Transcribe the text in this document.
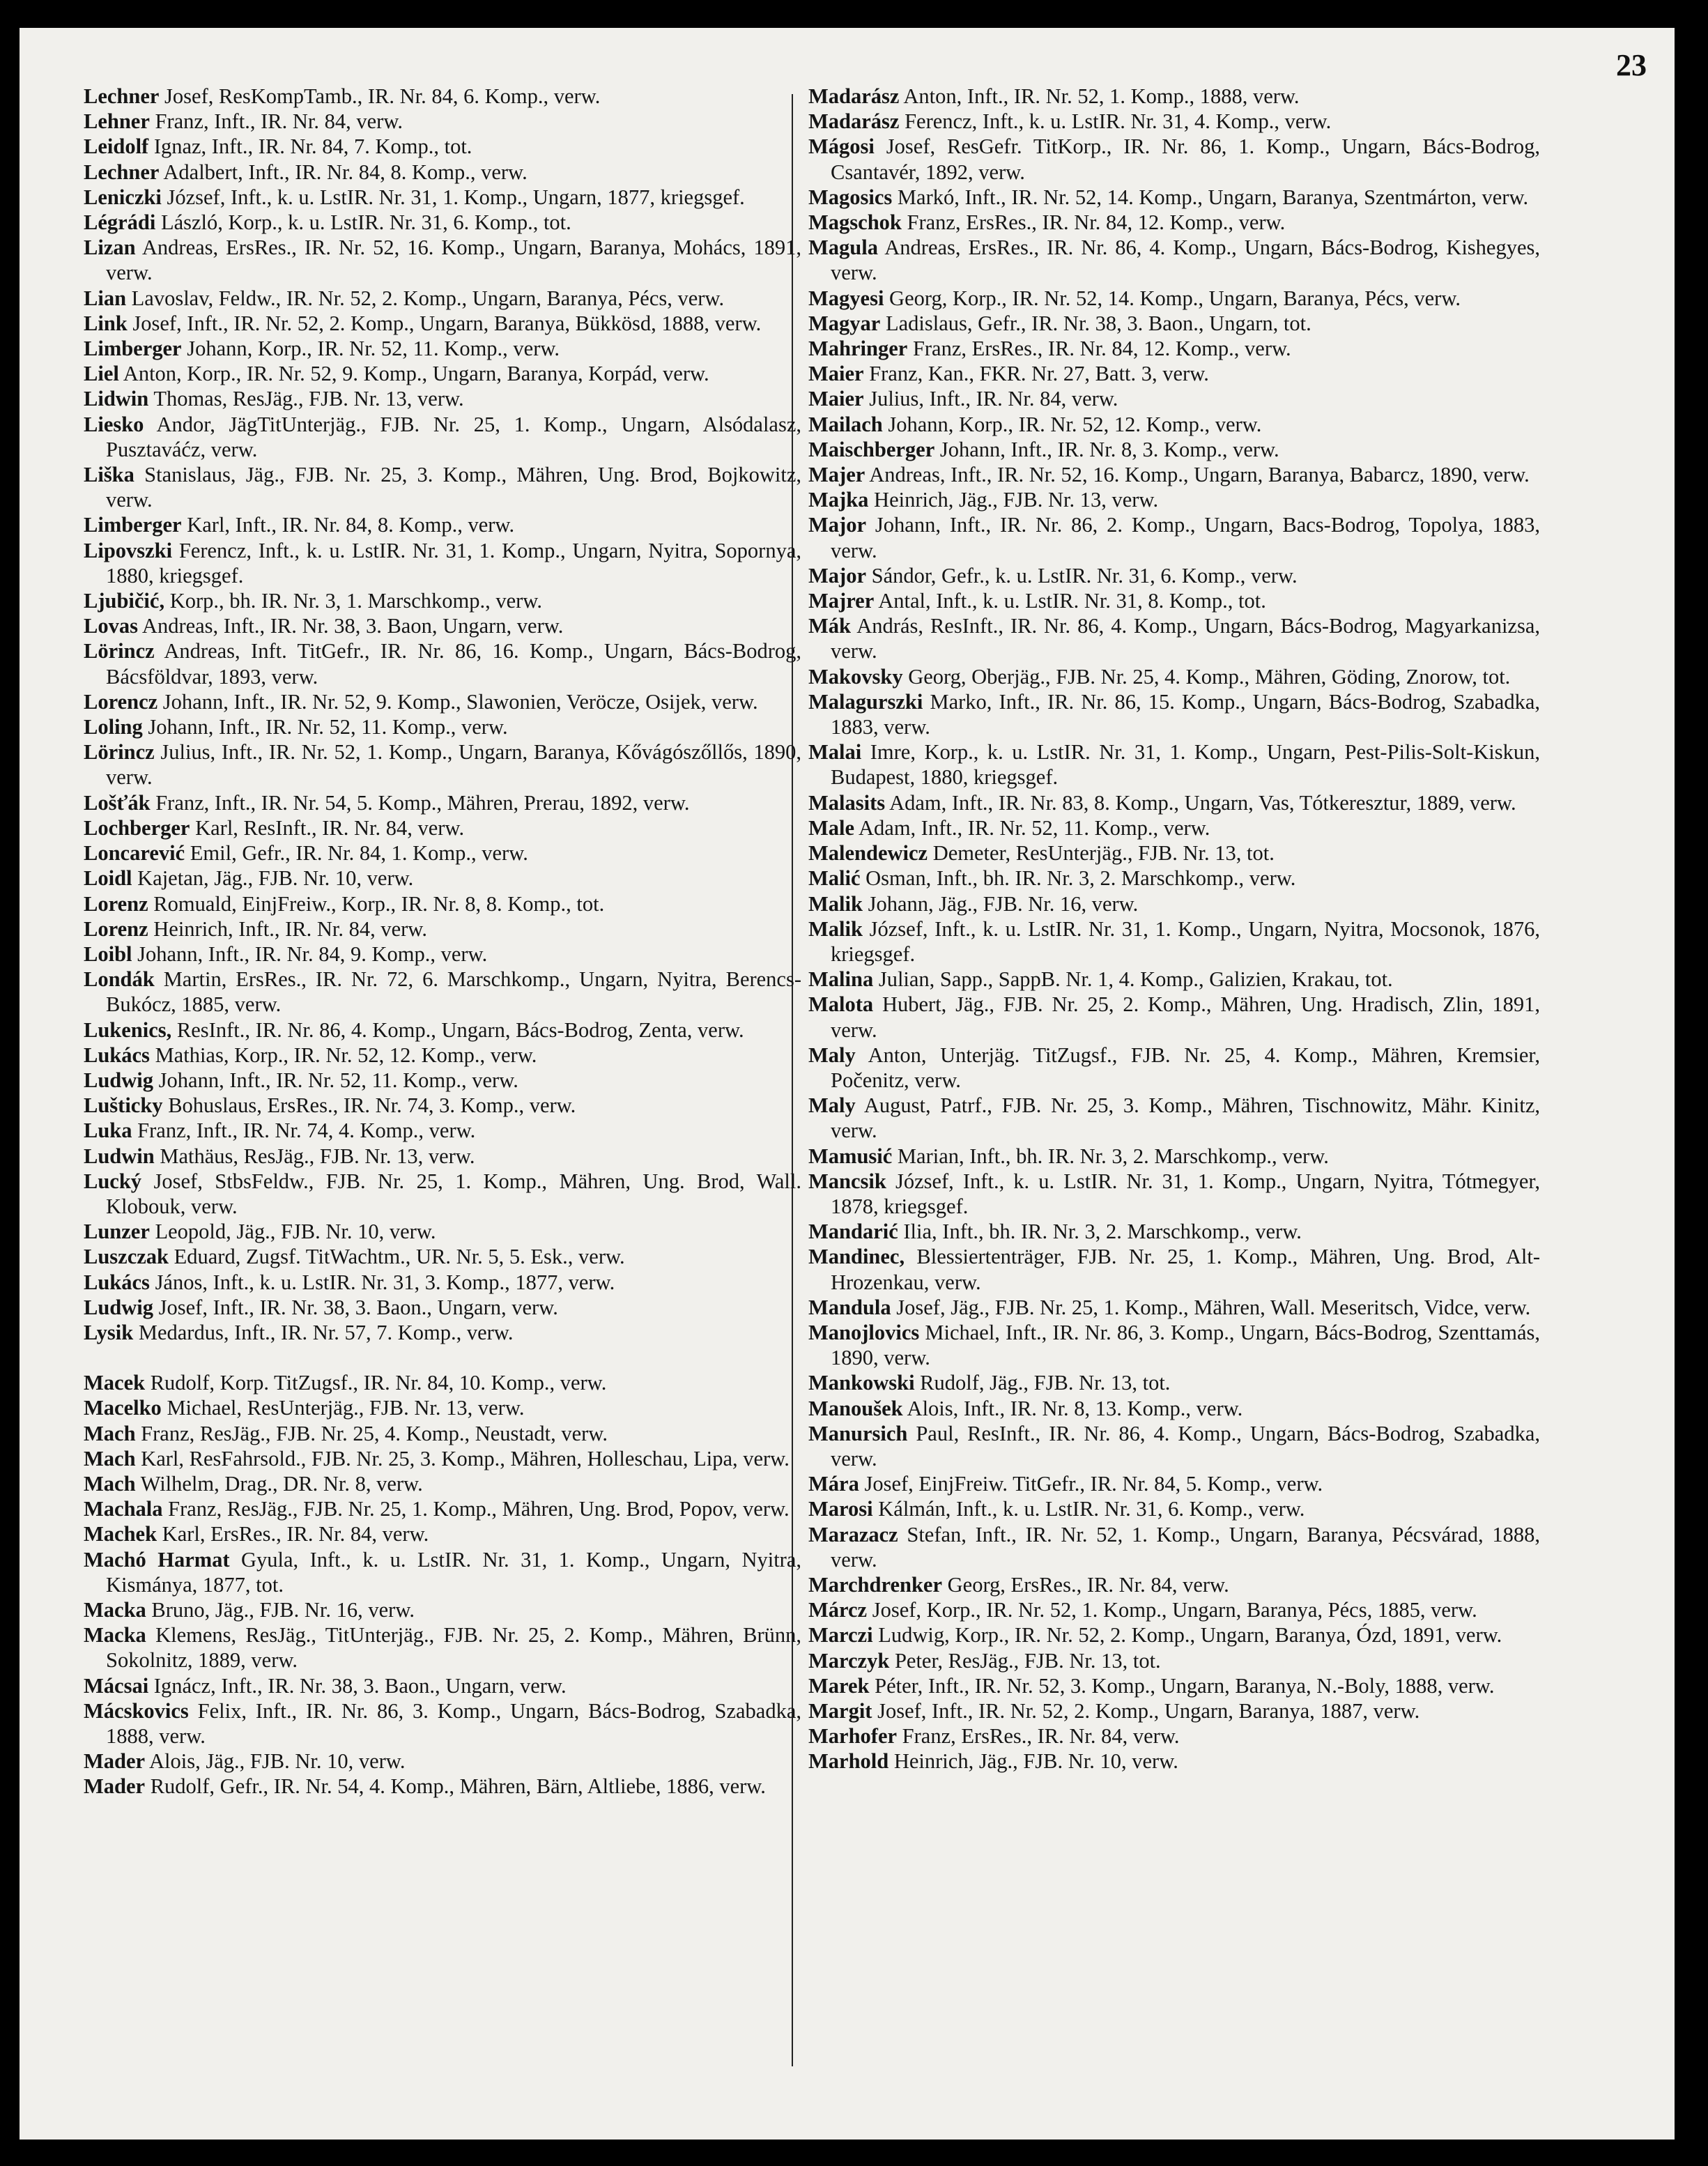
23

Lechner Josef, ResKompTamb., IR. Nr. 84, 6. Komp., verw.

Lehner Franz, Inft., IR. Nr. 84, verw.

Leidolf Ignaz, Inft., IR. Nr. 84, 7. Komp., tot.

Lechner Adalbert, Inft., IR. Nr. 84, 8. Komp., verw.

Leniczki József, Inft., k. u. LstIR. Nr. 31, 1. Komp., Ungarn, 1877, kriegsgef.

Légrádi László, Korp., k. u. LstIR. Nr. 31, 6. Komp., tot.

Lizan Andreas, ErsRes., IR. Nr. 52, 16. Komp., Ungarn, Baranya, Mohács, 1891, verw.

Lian Lavoslav, Feldw., IR. Nr. 52, 2. Komp., Ungarn, Baranya, Pécs, verw.

Link Josef, Inft., IR. Nr. 52, 2. Komp., Ungarn, Baranya, Bükkösd, 1888, verw.

Limberger Johann, Korp., IR. Nr. 52, 11. Komp., verw.

Liel Anton, Korp., IR. Nr. 52, 9. Komp., Ungarn, Baranya, Korpád, verw.

Lidwin Thomas, ResJäg., FJB. Nr. 13, verw.

Liesko Andor, JägTitUnterjäg., FJB. Nr. 25, 1. Komp., Ungarn, Alsódalasz, Pusztaváćz, verw.

Liška Stanislaus, Jäg., FJB. Nr. 25, 3. Komp., Mähren, Ung. Brod, Bojkowitz, verw.

Limberger Karl, Inft., IR. Nr. 84, 8. Komp., verw.

Lipovszki Ferencz, Inft., k. u. LstIR. Nr. 31, 1. Komp., Ungarn, Nyitra, Sopornya, 1880, kriegsgef.

Ljubičić, Korp., bh. IR. Nr. 3, 1. Marschkomp., verw.

Lovas Andreas, Inft., IR. Nr. 38, 3. Baon, Ungarn, verw.

Lörincz Andreas, Inft. TitGefr., IR. Nr. 86, 16. Komp., Ungarn, Bács-Bodrog, Bácsföldvar, 1893, verw.

Lorencz Johann, Inft., IR. Nr. 52, 9. Komp., Slawonien, Veröcze, Osijek, verw.

Loling Johann, Inft., IR. Nr. 52, 11. Komp., verw.

Lörincz Julius, Inft., IR. Nr. 52, 1. Komp., Ungarn, Baranya, Kővágószőllős, 1890, verw.

Lošťák Franz, Inft., IR. Nr. 54, 5. Komp., Mähren, Prerau, 1892, verw.

Lochberger Karl, ResInft., IR. Nr. 84, verw.

Loncarević Emil, Gefr., IR. Nr. 84, 1. Komp., verw.

Loidl Kajetan, Jäg., FJB. Nr. 10, verw.

Lorenz Romuald, EinjFreiw., Korp., IR. Nr. 8, 8. Komp., tot.

Lorenz Heinrich, Inft., IR. Nr. 84, verw.

Loibl Johann, Inft., IR. Nr. 84, 9. Komp., verw.

Londák Martin, ErsRes., IR. Nr. 72, 6. Marschkomp., Ungarn, Nyitra, Berencs-Bukócz, 1885, verw.

Lukenics, ResInft., IR. Nr. 86, 4. Komp., Ungarn, Bács-Bodrog, Zenta, verw.

Lukács Mathias, Korp., IR. Nr. 52, 12. Komp., verw.

Ludwig Johann, Inft., IR. Nr. 52, 11. Komp., verw.

Lušticky Bohuslaus, ErsRes., IR. Nr. 74, 3. Komp., verw.

Luka Franz, Inft., IR. Nr. 74, 4. Komp., verw.

Ludwin Mathäus, ResJäg., FJB. Nr. 13, verw.

Lucký Josef, StbsFeldw., FJB. Nr. 25, 1. Komp., Mähren, Ung. Brod, Wall. Klobouk, verw.

Lunzer Leopold, Jäg., FJB. Nr. 10, verw.

Luszczak Eduard, Zugsf. TitWachtm., UR. Nr. 5, 5. Esk., verw.

Lukács János, Inft., k. u. LstIR. Nr. 31, 3. Komp., 1877, verw.

Ludwig Josef, Inft., IR. Nr. 38, 3. Baon., Ungarn, verw.

Lysik Medardus, Inft., IR. Nr. 57, 7. Komp., verw.

Macek Rudolf, Korp. TitZugsf., IR. Nr. 84, 10. Komp., verw.

Macelko Michael, ResUnterjäg., FJB. Nr. 13, verw.

Mach Franz, ResJäg., FJB. Nr. 25, 4. Komp., Neustadt, verw.

Mach Karl, ResFahrsold., FJB. Nr. 25, 3. Komp., Mähren, Holleschau, Lipa, verw.

Mach Wilhelm, Drag., DR. Nr. 8, verw.

Machala Franz, ResJäg., FJB. Nr. 25, 1. Komp., Mähren, Ung. Brod, Popov, verw.

Machek Karl, ErsRes., IR. Nr. 84, verw.

Machó Harmat Gyula, Inft., k. u. LstIR. Nr. 31, 1. Komp., Ungarn, Nyitra, Kismánya, 1877, tot.

Macka Bruno, Jäg., FJB. Nr. 16, verw.

Macka Klemens, ResJäg., TitUnterjäg., FJB. Nr. 25, 2. Komp., Mähren, Brünn, Sokolnitz, 1889, verw.

Mácsai Ignácz, Inft., IR. Nr. 38, 3. Baon., Ungarn, verw.

Mácskovics Felix, Inft., IR. Nr. 86, 3. Komp., Ungarn, Bács-Bodrog, Szabadka, 1888, verw.

Mader Alois, Jäg., FJB. Nr. 10, verw.

Mader Rudolf, Gefr., IR. Nr. 54, 4. Komp., Mähren, Bärn, Altliebe, 1886, verw.

Madarász Anton, Inft., IR. Nr. 52, 1. Komp., 1888, verw.

Madarász Ferencz, Inft., k. u. LstIR. Nr. 31, 4. Komp., verw.

Mágosi Josef, ResGefr. TitKorp., IR. Nr. 86, 1. Komp., Ungarn, Bács-Bodrog, Csantavér, 1892, verw.

Magosics Markó, Inft., IR. Nr. 52, 14. Komp., Ungarn, Baranya, Szentmárton, verw.

Magschok Franz, ErsRes., IR. Nr. 84, 12. Komp., verw.

Magula Andreas, ErsRes., IR. Nr. 86, 4. Komp., Ungarn, Bács-Bodrog, Kishegyes, verw.

Magyesi Georg, Korp., IR. Nr. 52, 14. Komp., Ungarn, Baranya, Pécs, verw.

Magyar Ladislaus, Gefr., IR. Nr. 38, 3. Baon., Ungarn, tot.

Mahringer Franz, ErsRes., IR. Nr. 84, 12. Komp., verw.

Maier Franz, Kan., FKR. Nr. 27, Batt. 3, verw.

Maier Julius, Inft., IR. Nr. 84, verw.

Mailach Johann, Korp., IR. Nr. 52, 12. Komp., verw.

Maischberger Johann, Inft., IR. Nr. 8, 3. Komp., verw.

Majer Andreas, Inft., IR. Nr. 52, 16. Komp., Ungarn, Baranya, Babarcz, 1890, verw.

Majka Heinrich, Jäg., FJB. Nr. 13, verw.

Major Johann, Inft., IR. Nr. 86, 2. Komp., Ungarn, Bacs-Bodrog, Topolya, 1883, verw.

Major Sándor, Gefr., k. u. LstIR. Nr. 31, 6. Komp., verw.

Majrer Antal, Inft., k. u. LstIR. Nr. 31, 8. Komp., tot.

Mák András, ResInft., IR. Nr. 86, 4. Komp., Ungarn, Bács-Bodrog, Magyarkanizsa, verw.

Makovsky Georg, Oberjäg., FJB. Nr. 25, 4. Komp., Mähren, Göding, Znorow, tot.

Malagurszki Marko, Inft., IR. Nr. 86, 15. Komp., Ungarn, Bács-Bodrog, Szabadka, 1883, verw.

Malai Imre, Korp., k. u. LstIR. Nr. 31, 1. Komp., Ungarn, Pest-Pilis-Solt-Kiskun, Budapest, 1880, kriegsgef.

Malasits Adam, Inft., IR. Nr. 83, 8. Komp., Ungarn, Vas, Tótkeresztur, 1889, verw.

Male Adam, Inft., IR. Nr. 52, 11. Komp., verw.

Malendewicz Demeter, ResUnterjäg., FJB. Nr. 13, tot.

Malić Osman, Inft., bh. IR. Nr. 3, 2. Marschkomp., verw.

Malik Johann, Jäg., FJB. Nr. 16, verw.

Malik József, Inft., k. u. LstIR. Nr. 31, 1. Komp., Ungarn, Nyitra, Mocsonok, 1876, kriegsgef.

Malina Julian, Sapp., SappB. Nr. 1, 4. Komp., Galizien, Krakau, tot.

Malota Hubert, Jäg., FJB. Nr. 25, 2. Komp., Mähren, Ung. Hradisch, Zlin, 1891, verw.

Maly Anton, Unterjäg. TitZugsf., FJB. Nr. 25, 4. Komp., Mähren, Kremsier, Počenitz, verw.

Maly August, Patrf., FJB. Nr. 25, 3. Komp., Mähren, Tischnowitz, Mähr. Kinitz, verw.

Mamusić Marian, Inft., bh. IR. Nr. 3, 2. Marschkomp., verw.

Mancsik József, Inft., k. u. LstIR. Nr. 31, 1. Komp., Ungarn, Nyitra, Tótmegyer, 1878, kriegsgef.

Mandarić Ilia, Inft., bh. IR. Nr. 3, 2. Marschkomp., verw.

Mandinec, Blessiertenträger, FJB. Nr. 25, 1. Komp., Mähren, Ung. Brod, Alt-Hrozenkau, verw.

Mandula Josef, Jäg., FJB. Nr. 25, 1. Komp., Mähren, Wall. Meseritsch, Vidce, verw.

Manojlovics Michael, Inft., IR. Nr. 86, 3. Komp., Ungarn, Bács-Bodrog, Szenttamás, 1890, verw.

Mankowski Rudolf, Jäg., FJB. Nr. 13, tot.

Manoušek Alois, Inft., IR. Nr. 8, 13. Komp., verw.

Manursich Paul, ResInft., IR. Nr. 86, 4. Komp., Ungarn, Bács-Bodrog, Szabadka, verw.

Mára Josef, EinjFreiw. TitGefr., IR. Nr. 84, 5. Komp., verw.

Marosi Kálmán, Inft., k. u. LstIR. Nr. 31, 6. Komp., verw.

Marazacz Stefan, Inft., IR. Nr. 52, 1. Komp., Ungarn, Baranya, Pécsvárad, 1888, verw.

Marchdrenker Georg, ErsRes., IR. Nr. 84, verw.

Márcz Josef, Korp., IR. Nr. 52, 1. Komp., Ungarn, Baranya, Pécs, 1885, verw.

Marczi Ludwig, Korp., IR. Nr. 52, 2. Komp., Ungarn, Baranya, Ózd, 1891, verw.

Marczyk Peter, ResJäg., FJB. Nr. 13, tot.

Marek Péter, Inft., IR. Nr. 52, 3. Komp., Ungarn, Baranya, N.-Boly, 1888, verw.

Margit Josef, Inft., IR. Nr. 52, 2. Komp., Ungarn, Baranya, 1887, verw.

Marhofer Franz, ErsRes., IR. Nr. 84, verw.

Marhold Heinrich, Jäg., FJB. Nr. 10, verw.
